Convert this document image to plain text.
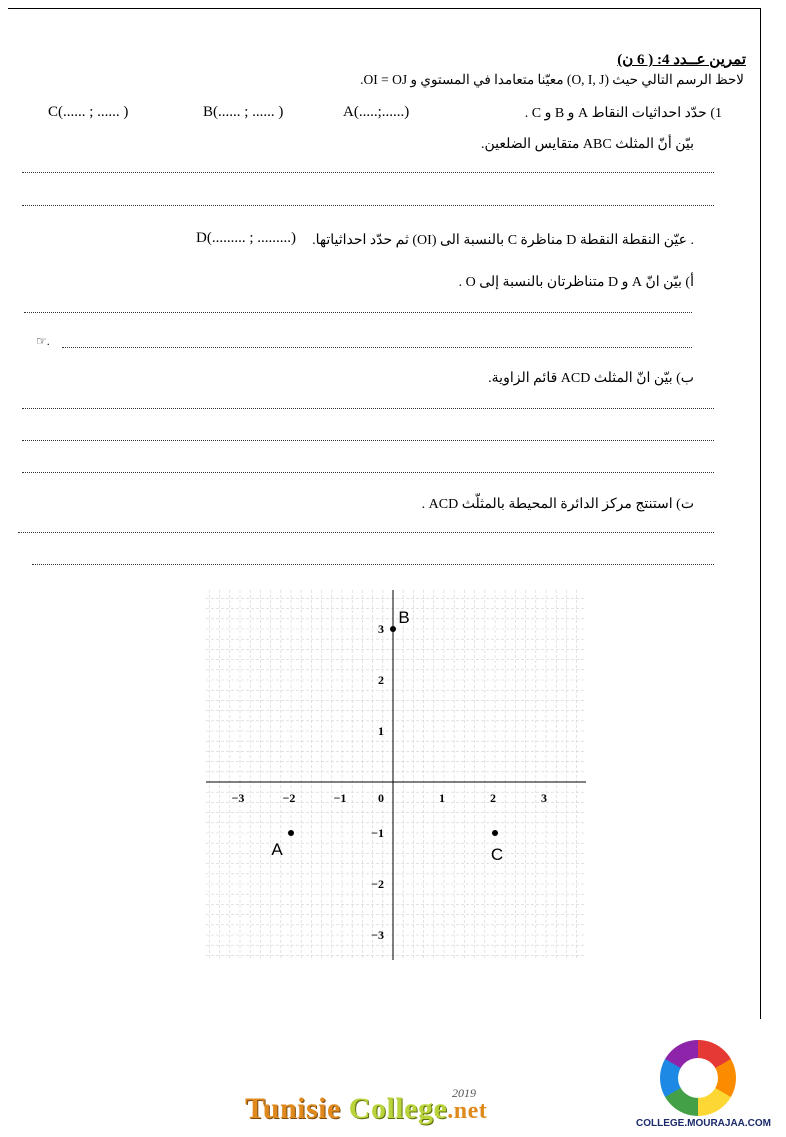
تمرين عــدد 4: ( 6 ن)
لاحظ الرسم التالي حيث (O, I, J) معيّنا متعامدا في المستوي و OI = OJ.
1) حدّد احداثيات النقاط A و B و C .
A(.....;......)
B(...... ; ...... )
C(...... ; ...... )
بيّن أنّ المثلث ABC متقايس الضلعين.
. عيّن النقطة النقطة D مناظرة C بالنسبة الى (OI) ثم حدّد احداثياتها.
D(......... ; .........)
أ) بيّن انّ A و D متناظرتان بالنسبة إلى O .
☞.
ب) بيّن انّ المثلث ACD قائم الزاوية.
ت) استنتج مركز الدائرة المحيطة بالمثلّث ACD .
−3	−2	−1	0	1	2	3
3
2
1
−1
−2
−3
A
B
C
Tunisie College.net
2019
COLLEGE.MOURAJAA.COM
